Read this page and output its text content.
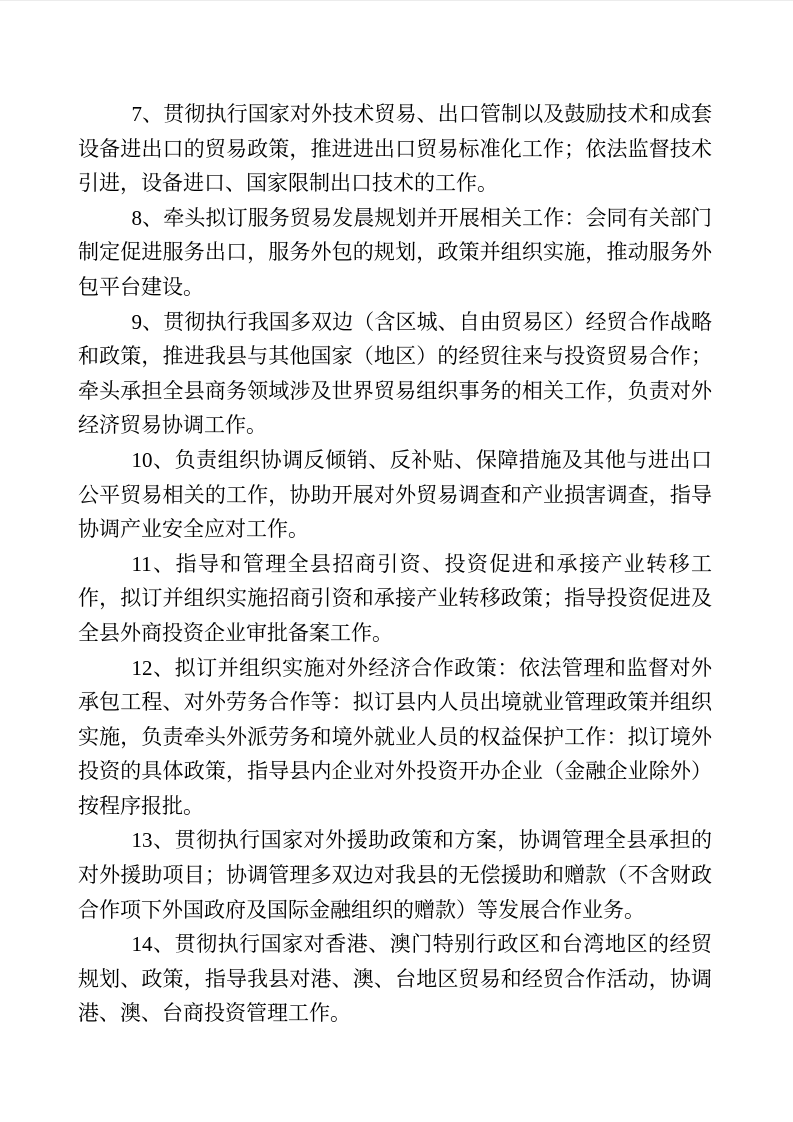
7、贯彻执行国家对外技术贸易、出口管制以及鼓励技术和成套设备进出口的贸易政策，推进进出口贸易标准化工作；依法监督技术引进，设备进口、国家限制出口技术的工作。

8、牵头拟订服务贸易发晨规划并开展相关工作：会同有关部门制定促进服务出口，服务外包的规划，政策并组织实施，推动服务外包平台建设。

9、贯彻执行我国多双边（含区城、自由贸易区）经贸合作战略和政策，推进我县与其他国家（地区）的经贸往来与投资贸易合作；牵头承担全县商务领域涉及世界贸易组织事务的相关工作，负责对外经济贸易协调工作。

10、负责组织协调反倾销、反补贴、保障措施及其他与进出口公平贸易相关的工作，协助开展对外贸易调查和产业损害调查，指导协调产业安全应对工作。

11、指导和管理全县招商引资、投资促进和承接产业转移工作，拟订并组织实施招商引资和承接产业转移政策；指导投资促进及全县外商投资企业审批备案工作。

12、拟订并组织实施对外经济合作政策：依法管理和监督对外承包工程、对外劳务合作等：拟订县内人员出境就业管理政策并组织实施，负责牵头外派劳务和境外就业人员的权益保护工作：拟订境外投资的具体政策，指导县内企业对外投资开办企业（金融企业除外）按程序报批。

13、贯彻执行国家对外援助政策和方案，协调管理全县承担的对外援助项目；协调管理多双边对我县的无偿援助和赠款（不含财政合作项下外国政府及国际金融组织的赠款）等发展合作业务。

14、贯彻执行国家对香港、澳门特别行政区和台湾地区的经贸规划、政策，指导我县对港、澳、台地区贸易和经贸合作活动，协调港、澳、台商投资管理工作。
